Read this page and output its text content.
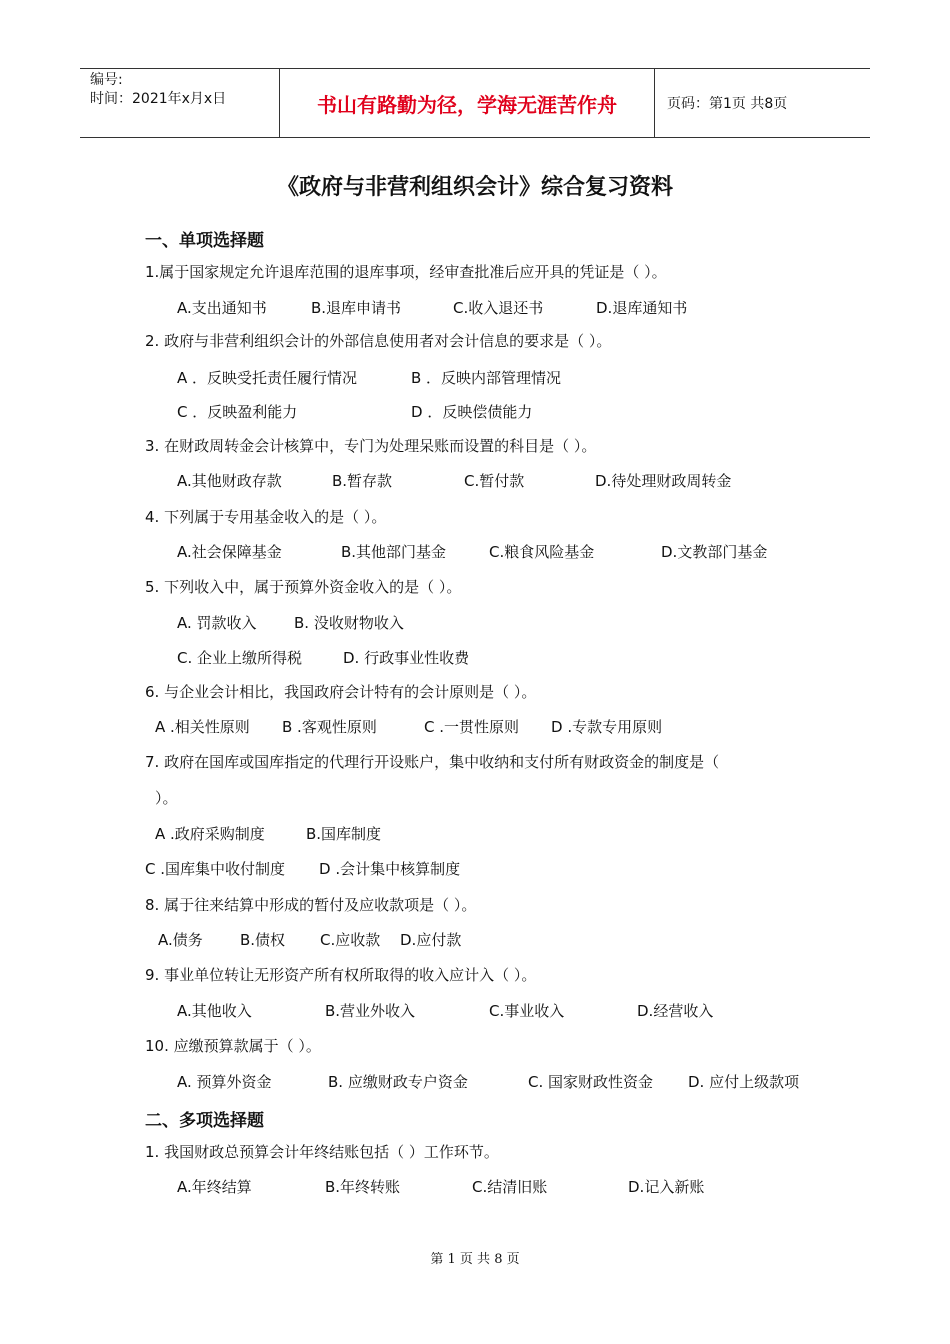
编号:
时间：2021年x月x日	书山有路勤为径，学海无涯苦作舟	页码：第1页 共8页
《政府与非营利组织会计》综合复习资料
一、单项选择题
1.属于国家规定允许退库范围的退库事项，经审查批准后应开具的凭证是（ ）。
A.支出通知书	B.退库申请书	C.收入退还书	D.退库通知书
2. 政府与非营利组织会计的外部信息使用者对会计信息的要求是（ ）。
A ．反映受托责任履行情况	B ．反映内部管理情况
C ．反映盈利能力	D ．反映偿债能力
3. 在财政周转金会计核算中，专门为处理呆账而设置的科目是（ ）。
A.其他财政存款	B.暂存款	C.暂付款	D.待处理财政周转金
4. 下列属于专用基金收入的是（ ）。
A.社会保障基金	B.其他部门基金	C.粮食风险基金	D.文教部门基金
5. 下列收入中，属于预算外资金收入的是（ ）。
A. 罚款收入 B. 没收财物收入
C. 企业上缴所得税	D. 行政事业性收费
6. 与企业会计相比，我国政府会计特有的会计原则是（ ）。
A .相关性原则 B .客观性原则	C .一贯性原则 D .专款专用原则
7. 政府在国库或国库指定的代理行开设账户，集中收纳和支付所有财政资金的制度是（
）。
A .政府采购制度	B.国库制度
C .国库集中收付制度 D .会计集中核算制度
8. 属于往来结算中形成的暂付及应收款项是（ ）。
A.债务 B.债权 C.应收款 D.应付款
9. 事业单位转让无形资产所有权所取得的收入应计入（ ）。
A.其他收入	B.营业外收入	C.事业收入	D.经营收入
10. 应缴预算款属于（ ）。
A. 预算外资金	B. 应缴财政专户资金	C. 国家财政性资金 D. 应付上级款项
二、多项选择题
1. 我国财政总预算会计年终结账包括（ ）工作环节。
A.年终结算	B.年终转账	C.结清旧账	D.记入新账
第 1 页 共 8 页
